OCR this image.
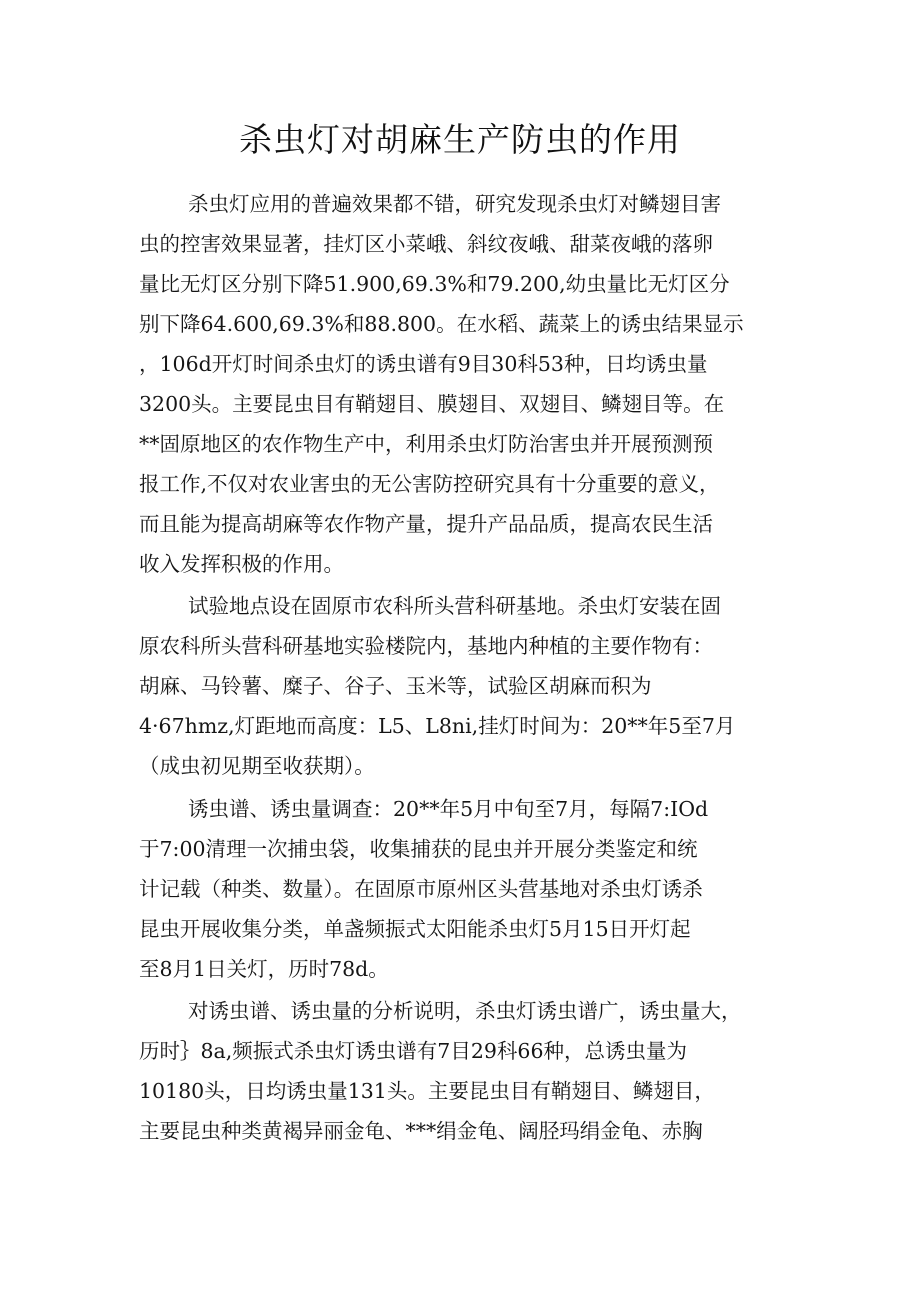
杀虫灯对胡麻生产防虫的作用
杀虫灯应用的普遍效果都不错，研究发现杀虫灯对鳞翅目害
虫的控害效果显著，挂灯区小菜峨、斜纹夜峨、甜菜夜峨的落卵
量比无灯区分别下降51.900,69.3%和79.200,幼虫量比无灯区分
别下降64.600,69.3%和88.800。在水稻、蔬菜上的诱虫结果显示
，106d开灯时间杀虫灯的诱虫谱有9目30科53种，日均诱虫量
3200头。主要昆虫目有鞘翅目、膜翅目、双翅目、鳞翅目等。在
**固原地区的农作物生产中，利用杀虫灯防治害虫并开展预测预
报工作,不仅对农业害虫的无公害防控研究具有十分重要的意义，
而且能为提高胡麻等农作物产量，提升产品品质，提高农民生活
收入发挥积极的作用。
试验地点设在固原市农科所头营科研基地。杀虫灯安装在固
原农科所头营科研基地实验楼院内，基地内种植的主要作物有：
胡麻、马铃薯、糜子、谷子、玉米等，试验区胡麻而积为
4·67hmz,灯距地而高度：L5、L8ni,挂灯时间为：20**年5至7月
（成虫初见期至收获期）。
诱虫谱、诱虫量调查：20**年5月中旬至7月，每隔7:IOd
于7:00清理一次捕虫袋，收集捕获的昆虫并开展分类鉴定和统
计记载（种类、数量）。在固原市原州区头营基地对杀虫灯诱杀
昆虫开展收集分类，单盏频振式太阳能杀虫灯5月15日开灯起
至8月1日关灯，历时78d。
对诱虫谱、诱虫量的分析说明，杀虫灯诱虫谱广，诱虫量大，
历时｝8a,频振式杀虫灯诱虫谱有7目29科66种，总诱虫量为
10180头，日均诱虫量131头。主要昆虫目有鞘翅目、鳞翅目，
主要昆虫种类黄褐异丽金龟、***绢金龟、阔胫玛绢金龟、赤胸
